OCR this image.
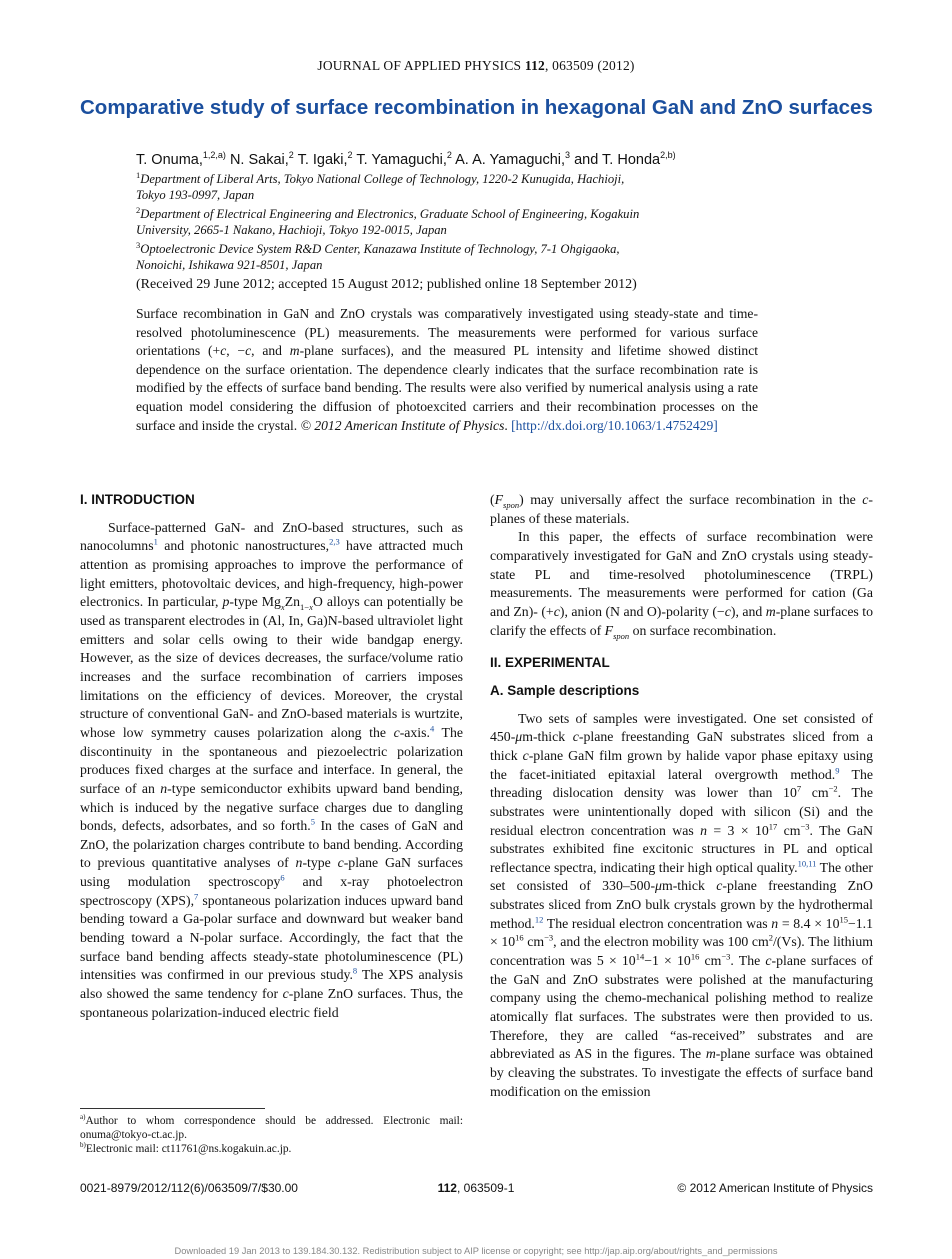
JOURNAL OF APPLIED PHYSICS 112, 063509 (2012)
Comparative study of surface recombination in hexagonal GaN and ZnO surfaces
T. Onuma,$^{1,2,a)}$ N. Sakai,$^2$ T. Igaki,$^2$ T. Yamaguchi,$^2$ A. A. Yamaguchi,$^3$ and T. Honda$^{2,b)}$
$^1$Department of Liberal Arts, Tokyo National College of Technology, 1220-2 Kunugida, Hachioji,
Tokyo 193-0997, Japan
$^2$Department of Electrical Engineering and Electronics, Graduate School of Engineering, Kogakuin
University, 2665-1 Nakano, Hachioji, Tokyo 192-0015, Japan
$^3$Optoelectronic Device System R&D Center, Kanazawa Institute of Technology, 7-1 Ohgigaoka,
Nonoichi, Ishikawa 921-8501, Japan
(Received 29 June 2012; accepted 15 August 2012; published online 18 September 2012)
Surface recombination in GaN and ZnO crystals was comparatively investigated using steady-state and time-resolved photoluminescence (PL) measurements. The measurements were performed for various surface orientations (+c, −c, and m-plane surfaces), and the measured PL intensity and lifetime showed distinct dependence on the surface orientation. The dependence clearly indicates that the surface recombination rate is modified by the effects of surface band bending. The results were also verified by numerical analysis using a rate equation model considering the diffusion of photoexcited carriers and their recombination processes on the surface and inside the crystal. © 2012 American Institute of Physics. [http://dx.doi.org/10.1063/1.4752429]
I. INTRODUCTION

Surface-patterned GaN- and ZnO-based structures, such as nanocolumns$^1$ and photonic nanostructures,$^{2,3}$ have attracted much attention as promising approaches to improve the performance of light emitters, photovoltaic devices, and high-frequency, high-power electronics. In particular, p-type $Mg_xZn_{1-x}O$ alloys can potentially be used as transparent electrodes in (Al, In, Ga)N-based ultraviolet light emitters and solar cells owing to their wide bandgap energy. However, as the size of devices decreases, the surface/volume ratio increases and the surface recombination of carriers imposes limitations on the efficiency of devices. Moreover, the crystal structure of conventional GaN- and ZnO-based materials is wurtzite, whose low symmetry causes polarization along the c-axis.$^4$ The discontinuity in the spontaneous and piezoelectric polarization produces fixed charges at the surface and interface. In general, the surface of an n-type semiconductor exhibits upward band bending, which is induced by the negative surface charges due to dangling bonds, defects, adsorbates, and so forth.$^5$ In the cases of GaN and ZnO, the polarization charges contribute to band bending. According to previous quantitative analyses of n-type c-plane GaN surfaces using modulation spectroscopy$^6$ and x-ray photoelectron spectroscopy (XPS),$^7$ spontaneous polarization induces upward band bending toward a Ga-polar surface and downward but weaker band bending toward a N-polar surface. Accordingly, the fact that the surface band bending affects steady-state photoluminescence (PL) intensities was confirmed in our previous study.$^8$ The XPS analysis also showed the same tendency for c-plane ZnO surfaces. Thus, the spontaneous polarization-induced electric field

$(F_{spon})$ may universally affect the surface recombination in the c-planes of these materials.

In this paper, the effects of surface recombination were comparatively investigated for GaN and ZnO crystals using steady-state PL and time-resolved photoluminescence (TRPL) measurements. The measurements were performed for cation (Ga and Zn)- (+c), anion (N and O)-polarity (−c), and m-plane surfaces to clarify the effects of $F_{spon}$ on surface recombination.

II. EXPERIMENTAL
A. Sample descriptions

Two sets of samples were investigated. One set consisted of 450-μm-thick c-plane freestanding GaN substrates sliced from a thick c-plane GaN film grown by halide vapor phase epitaxy using the facet-initiated epitaxial lateral overgrowth method.$^9$ The threading dislocation density was lower than $10^7$ $cm^{-2}$. The substrates were unintentionally doped with silicon (Si) and the residual electron concentration was $n = 3 \times 10^{17}$ $cm^{-3}$. The GaN substrates exhibited fine excitonic structures in PL and optical reflectance spectra, indicating their high optical quality.$^{10,11}$ The other set consisted of 330–500-μm-thick c-plane freestanding ZnO substrates sliced from ZnO bulk crystals grown by the hydrothermal method.$^{12}$ The residual electron concentration was $n = 8.4 \times 10^{15}-1.1 \times 10^{16}$ $cm^{-3}$, and the electron mobility was 100 $cm^2/(Vs)$. The lithium concentration was $5 \times 10^{14}-1 \times 10^{16}$ $cm^{-3}$. The c-plane surfaces of the GaN and ZnO substrates were polished at the manufacturing company using the chemo-mechanical polishing method to realize atomically flat surfaces. The substrates were then provided to us. Therefore, they are called “as-received” substrates and are abbreviated as AS in the figures. The m-plane surface was obtained by cleaving the substrates. To investigate the effects of surface band modification on the emission

$^{a)}$Author to whom correspondence should be addressed. Electronic mail: onuma@tokyo-ct.ac.jp.
$^{b)}$Electronic mail: ct11761@ns.kogakuin.ac.jp.
0021-8979/2012/112(6)/063509/7/$30.00	112, 063509-1	© 2012 American Institute of Physics
Downloaded 19 Jan 2013 to 139.184.30.132. Redistribution subject to AIP license or copyright; see http://jap.aip.org/about/rights_and_permissions
